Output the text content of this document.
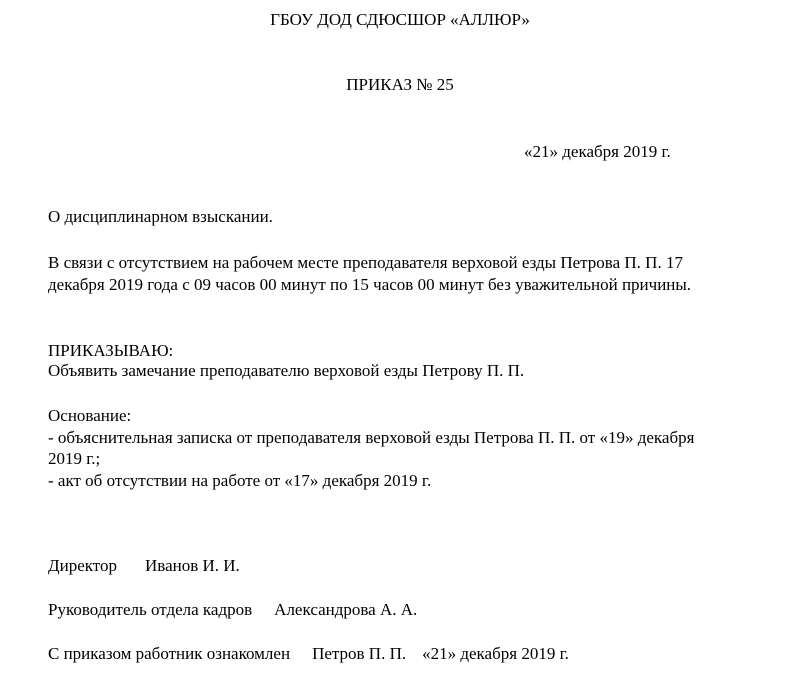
ГБОУ ДОД СДЮСШОР «АЛЛЮР»
ПРИКАЗ № 25
«21» декабря 2019 г.
О дисциплинарном взыскании.
В связи с отсутствием на рабочем месте преподавателя верховой езды Петрова П. П. 17
декабря 2019 года с 09 часов 00 минут по 15 часов 00 минут без уважительной причины.
ПРИКАЗЫВАЮ:
Объявить замечание преподавателю верховой езды Петрову П. П.
Основание:
- объяснительная записка от преподавателя верховой езды Петрова П. П. от «19» декабря
2019 г.;
- акт об отсутствии на работе от «17» декабря 2019 г.
Директор Иванов И. И.
Руководитель отдела кадров Александрова А. А.
С приказом работник ознакомлен Петров П. П. «21» декабря 2019 г.
